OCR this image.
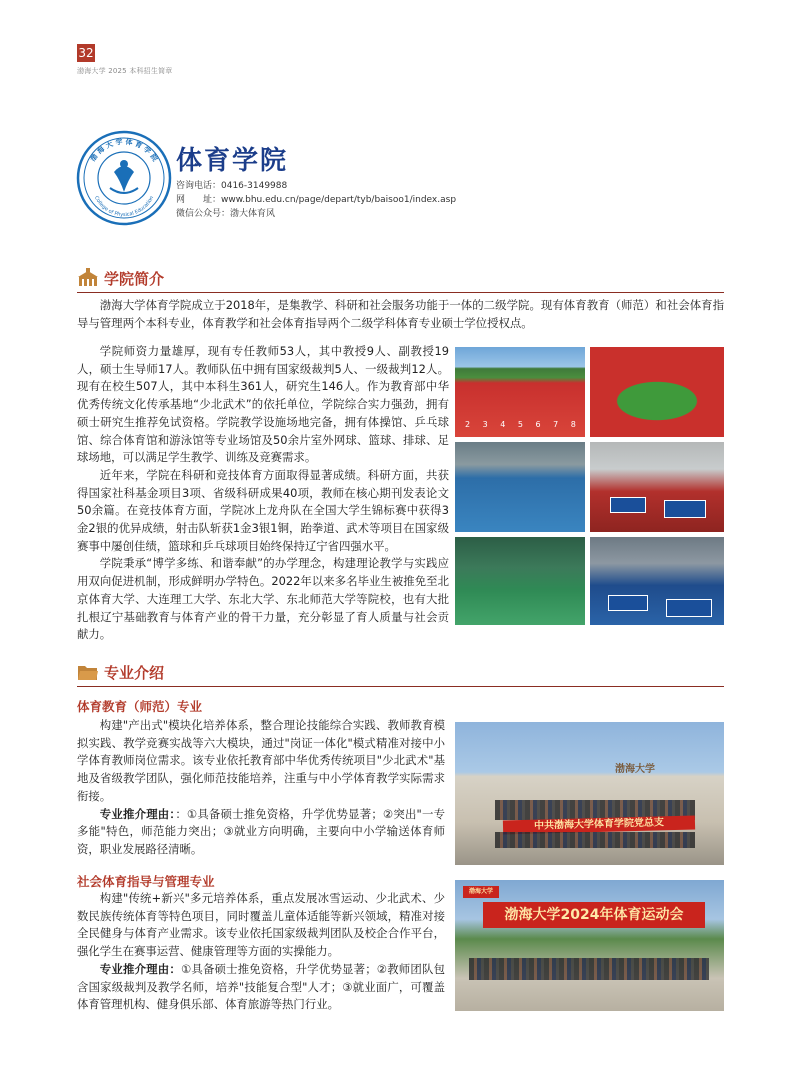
32
渤海大学 2025 本科招生简章
渤 海 大 学 体 育 学 院
College of Physical Education
体育学院
咨询电话：0416-3149988
网　　址：www.bhu.edu.cn/page/depart/tyb/baisoo1/index.asp
微信公众号：渤大体育风
学院简介

渤海大学体育学院成立于2018年，是集教学、科研和社会服务功能于一体的二级学院。现有体育教育（师范）和社会体育指导与管理两个本科专业，体育教学和社会体育指导两个二级学科体育专业硕士学位授权点。

学院师资力量雄厚，现有专任教师53人，其中教授9人、副教授19人，硕士生导师17人。教师队伍中拥有国家级裁判5人、一级裁判12人。现有在校生507人，其中本科生361人，研究生146人。作为教育部中华优秀传统文化传承基地“少北武术”的依托单位，学院综合实力强劲，拥有硕士研究生推荐免试资格。学院教学设施场地完备，拥有体操馆、乒乓球馆、综合体育馆和游泳馆等专业场馆及50余片室外网球、篮球、排球、足球场地，可以满足学生教学、训练及竞赛需求。

近年来，学院在科研和竞技体育方面取得显著成绩。科研方面，共获得国家社科基金项目3项、省级科研成果40项，教师在核心期刊发表论文50余篇。在竞技体育方面，学院冰上龙舟队在全国大学生锦标赛中获得3金2银的优异成绩，射击队斩获1金3银1铜，跆拳道、武术等项目在国家级赛事中屡创佳绩，篮球和乒乓球项目始终保持辽宁省四强水平。

学院秉承“博学多练、和谐奉献”的办学理念，构建理论教学与实践应用双向促进机制，形成鲜明办学特色。2022年以来多名毕业生被推免至北京体育大学、大连理工大学、东北大学、东北师范大学等院校，也有大批扎根辽宁基础教育与体育产业的骨干力量，充分彰显了育人质量与社会贡献力。

2 3 4 5 6 7 8
专业介绍
体育教育（师范）专业

构建"产出式"模块化培养体系，整合理论技能综合实践、教师教育模拟实践、教学竞赛实战等六大模块，通过"岗证一体化"模式精准对接中小学体育教师岗位需求。该专业依托教育部中华优秀传统项目"少北武术"基地及省级教学团队，强化师范技能培养，注重与中小学体育教学实际需求衔接。

专业推介理由：：①具备硕士推免资格，升学优势显著；②突出"一专多能"特色，师范能力突出；③就业方向明确，主要向中小学输送体育师资，职业发展路径清晰。

渤海大学
中共渤海大学体育学院党总支
社会体育指导与管理专业

构建"传统+新兴"多元培养体系，重点发展冰雪运动、少北武术、少数民族传统体育等特色项目，同时覆盖儿童体适能等新兴领域，精准对接全民健身与体育产业需求。该专业依托国家级裁判团队及校企合作平台，强化学生在赛事运营、健康管理等方面的实操能力。

专业推介理由：①具备硕士推免资格，升学优势显著；②教师团队包含国家级裁判及教学名师，培养"技能复合型"人才；③就业面广，可覆盖体育管理机构、健身俱乐部、体育旅游等热门行业。

渤海大学
渤海大学2024年体育运动会
